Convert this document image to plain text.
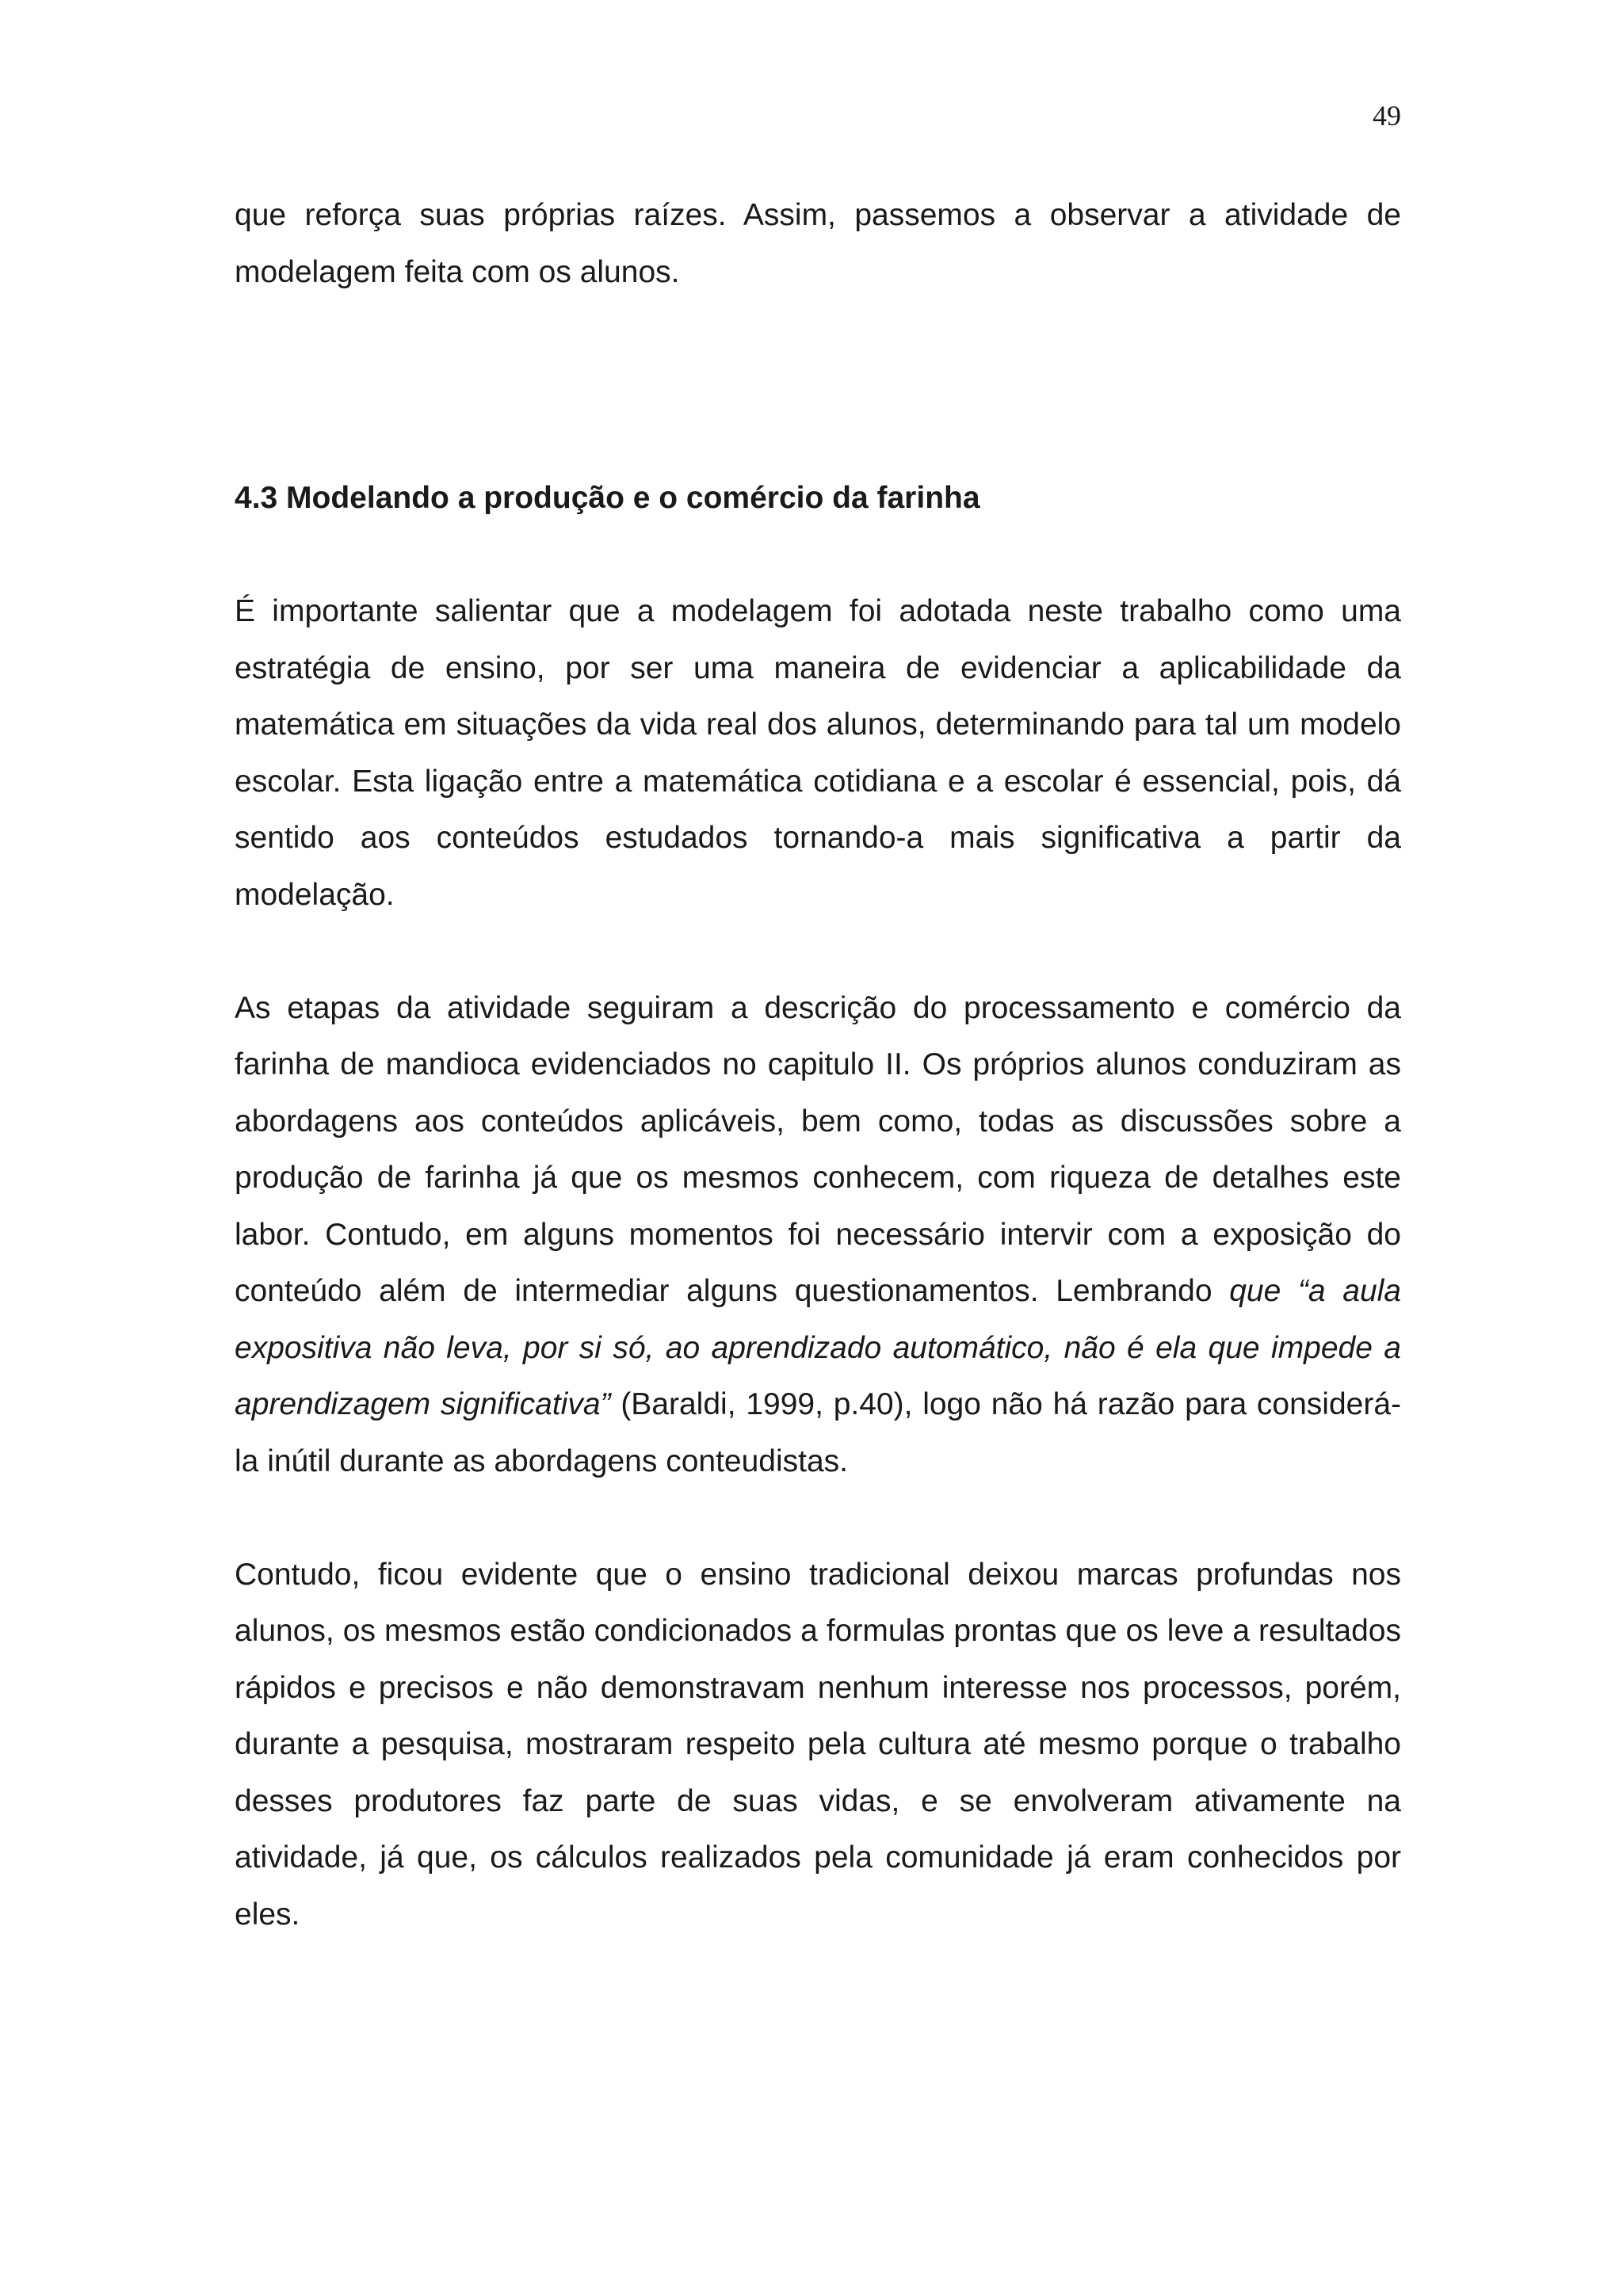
49

que reforça suas próprias raízes. Assim, passemos a observar a atividade de modelagem feita com os alunos.

4.3 Modelando a produção e o comércio da farinha

É importante salientar que a modelagem foi adotada neste trabalho como uma estratégia de ensino, por ser uma maneira de evidenciar a aplicabilidade da matemática em situações da vida real dos alunos, determinando para tal um modelo escolar. Esta ligação entre a matemática cotidiana e a escolar é essencial, pois, dá sentido aos conteúdos estudados tornando-a mais significativa a partir da modelação.

As etapas da atividade seguiram a descrição do processamento e comércio da farinha de mandioca evidenciados no capitulo II. Os próprios alunos conduziram as abordagens aos conteúdos aplicáveis, bem como, todas as discussões sobre a produção de farinha já que os mesmos conhecem, com riqueza de detalhes este labor. Contudo, em alguns momentos foi necessário intervir com a exposição do conteúdo além de intermediar alguns questionamentos. Lembrando que “a aula expositiva não leva, por si só, ao aprendizado automático, não é ela que impede a aprendizagem significativa” (Baraldi, 1999, p.40), logo não há razão para considerá-la inútil durante as abordagens conteudistas.

Contudo, ficou evidente que o ensino tradicional deixou marcas profundas nos alunos, os mesmos estão condicionados a formulas prontas que os leve a resultados rápidos e precisos e não demonstravam nenhum interesse nos processos, porém, durante a pesquisa, mostraram respeito pela cultura até mesmo porque o trabalho desses produtores faz parte de suas vidas, e se envolveram ativamente na atividade, já que, os cálculos realizados pela comunidade já eram conhecidos por eles.
